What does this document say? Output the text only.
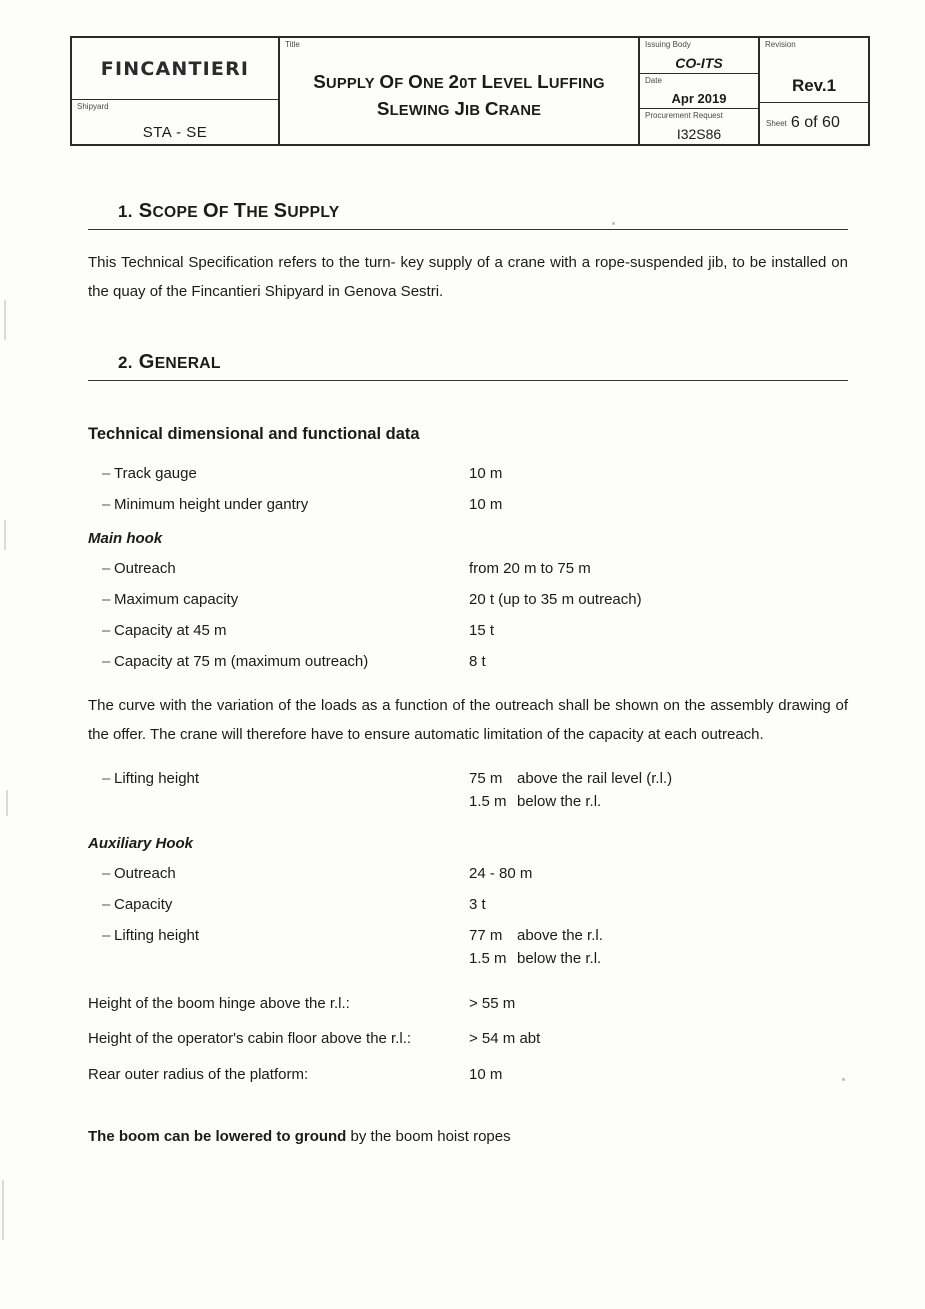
FINCANTIERI
Shipyard
STA - SE
Title
SUPPLY OF ONE 20T LEVEL LUFFING
SLEWING JIB CRANE
Issuing Body
CO-ITS
Date
Apr 2019
Procurement Request
I32S86
Revision
Rev.1
Sheet 6 of 60
1. SCOPE OF THE SUPPLY

This Technical Specification refers to the turn- key supply of a crane with a rope-suspended jib, to be installed on the quay of the Fincantieri Shipyard in Genova Sestri.

2. GENERAL
Technical dimensional and functional data
– Track gauge	10 m
– Minimum height under gantry	10 m
Main hook
– Outreach	from 20 m to 75 m
– Maximum capacity	20 t (up to 35 m outreach)
– Capacity at 45 m	15 t
– Capacity at 75 m (maximum outreach)	8 t

The curve with the variation of the loads as a function of the outreach shall be shown on the assembly drawing of the offer. The crane will therefore have to ensure automatic limitation of the capacity at each outreach.

– Lifting height	75 m above the rail level (r.l.)
1.5 m below the r.l.
Auxiliary Hook
– Outreach	24 - 80 m
– Capacity	3 t
– Lifting height	77 m above the r.l.
1.5 m below the r.l.
Height of the boom hinge above the r.l.:	> 55 m
Height of the operator's cabin floor above the r.l.:	> 54 m abt
Rear outer radius of the platform:	10 m
The boom can be lowered to ground by the boom hoist ropes
